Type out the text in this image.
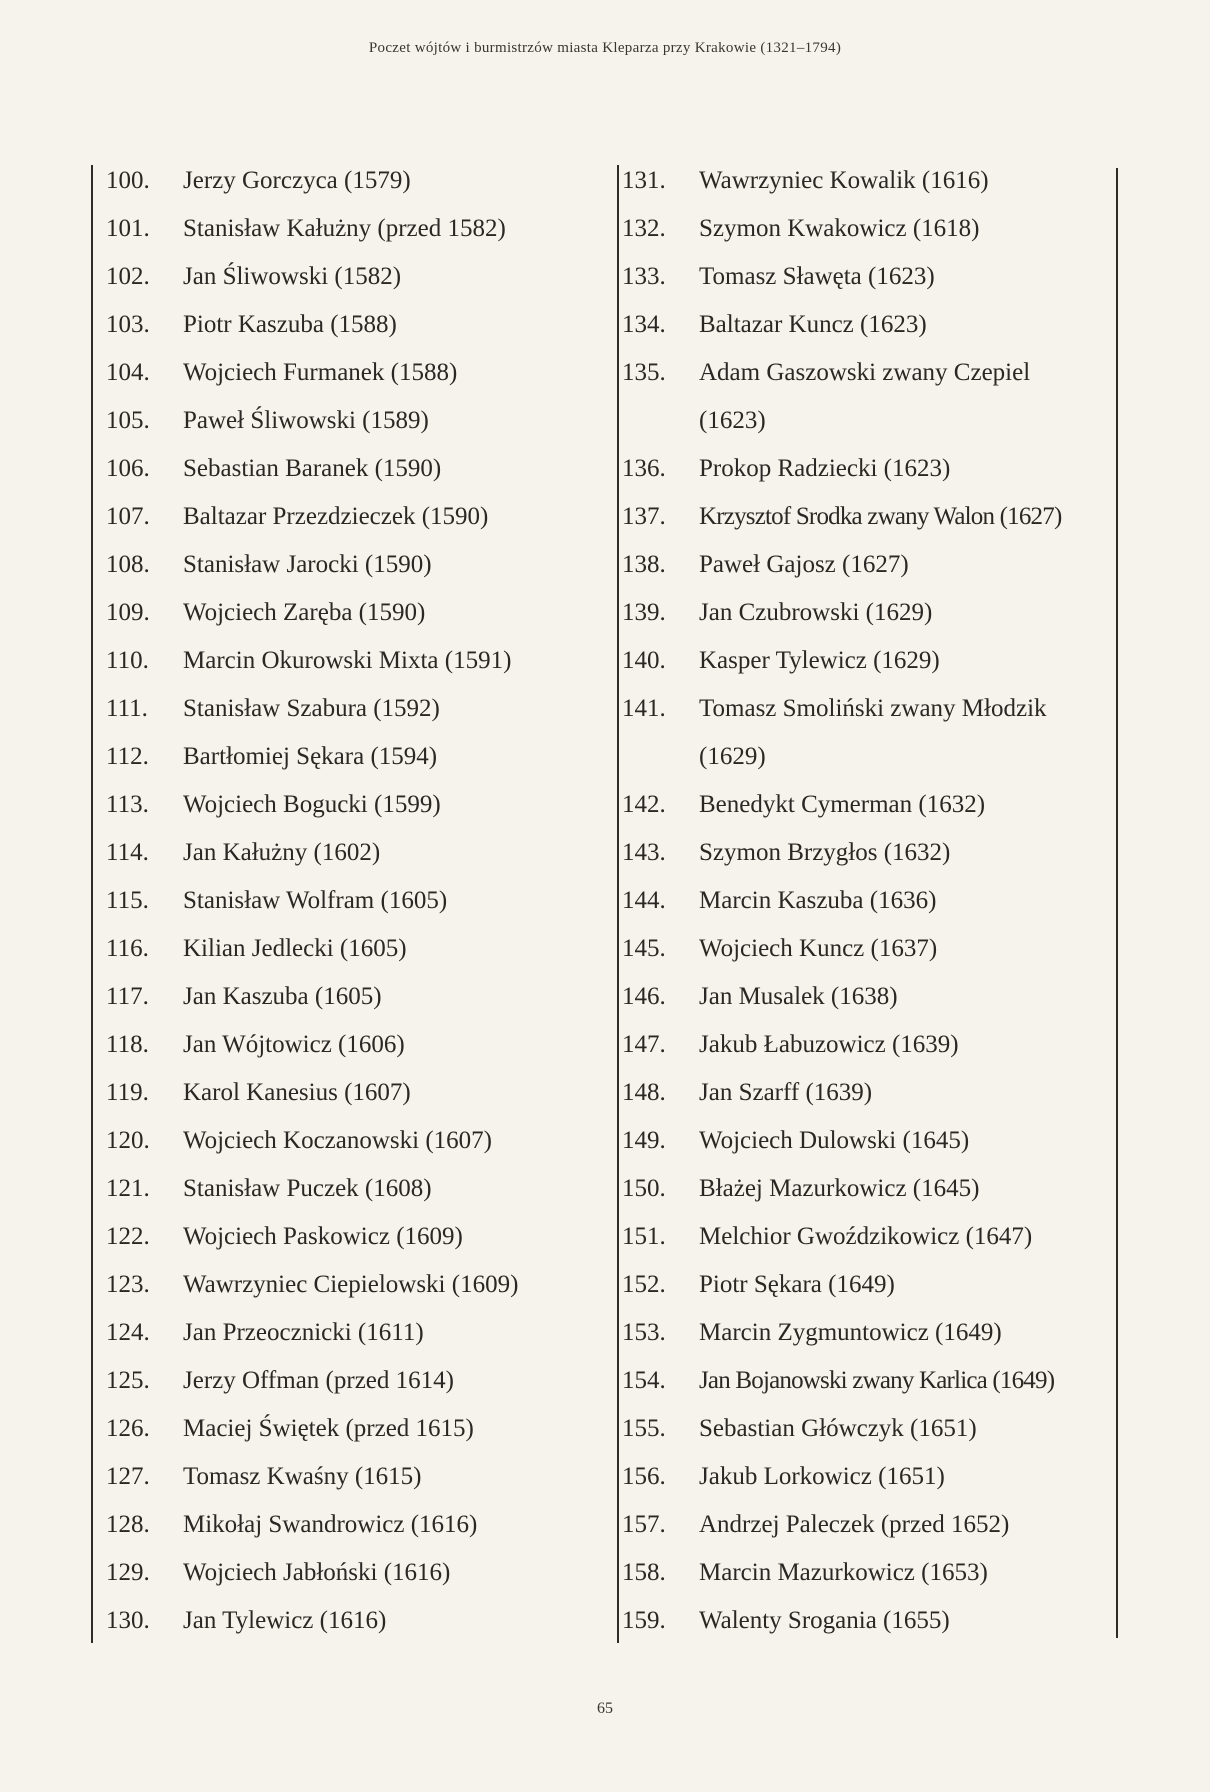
Poczet wójtów i burmistrzów miasta Kleparza przy Krakowie (1321–1794)
100.	Jerzy Gorczyca (1579)
101.	Stanisław Kałużny (przed 1582)
102.	Jan Śliwowski (1582)
103.	Piotr Kaszuba (1588)
104.	Wojciech Furmanek (1588)
105.	Paweł Śliwowski (1589)
106.	Sebastian Baranek (1590)
107.	Baltazar Przezdzieczek (1590)
108.	Stanisław Jarocki (1590)
109.	Wojciech Zaręba (1590)
110.	Marcin Okurowski Mixta (1591)
111.	Stanisław Szabura (1592)
112.	Bartłomiej Sękara (1594)
113.	Wojciech Bogucki (1599)
114.	Jan Kałużny (1602)
115.	Stanisław Wolfram (1605)
116.	Kilian Jedlecki (1605)
117.	Jan Kaszuba (1605)
118.	Jan Wójtowicz (1606)
119.	Karol Kanesius (1607)
120.	Wojciech Koczanowski (1607)
121.	Stanisław Puczek (1608)
122.	Wojciech Paskowicz (1609)
123.	Wawrzyniec Ciepielowski (1609)
124.	Jan Przeocznicki (1611)
125.	Jerzy Offman (przed 1614)
126.	Maciej Świętek (przed 1615)
127.	Tomasz Kwaśny (1615)
128.	Mikołaj Swandrowicz (1616)
129.	Wojciech Jabłoński (1616)
130.	Jan Tylewicz (1616)
131.	Wawrzyniec Kowalik (1616)
132.	Szymon Kwakowicz (1618)
133.	Tomasz Sławęta (1623)
134.	Baltazar Kuncz (1623)
135.	Adam Gaszowski zwany Czepiel
(1623)
136.	Prokop Radziecki (1623)
137.	Krzysztof Srodka zwany Walon (1627)
138.	Paweł Gajosz (1627)
139.	Jan Czubrowski (1629)
140.	Kasper Tylewicz (1629)
141.	Tomasz Smoliński zwany Młodzik
(1629)
142.	Benedykt Cymerman (1632)
143.	Szymon Brzygłos (1632)
144.	Marcin Kaszuba (1636)
145.	Wojciech Kuncz (1637)
146.	Jan Musalek (1638)
147.	Jakub Łabuzowicz (1639)
148.	Jan Szarff (1639)
149.	Wojciech Dulowski (1645)
150.	Błażej Mazurkowicz (1645)
151.	Melchior Gwoździkowicz (1647)
152.	Piotr Sękara (1649)
153.	Marcin Zygmuntowicz (1649)
154.	Jan Bojanowski zwany Karlica (1649)
155.	Sebastian Główczyk (1651)
156.	Jakub Lorkowicz (1651)
157.	Andrzej Paleczek (przed 1652)
158.	Marcin Mazurkowicz (1653)
159.	Walenty Srogania (1655)
65
